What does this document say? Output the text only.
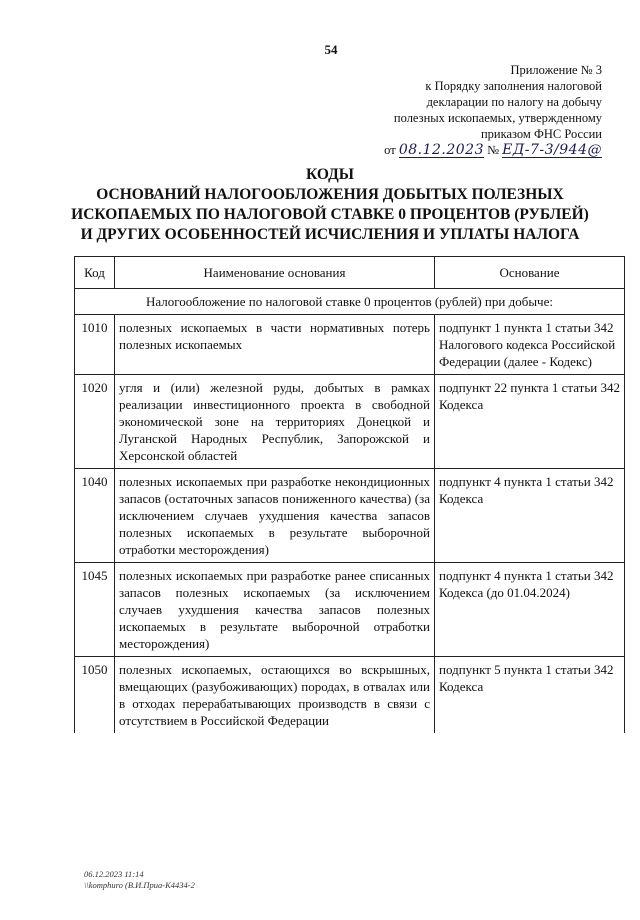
54
Приложение № 3
к Порядку заполнения налоговой
декларации по налогу на добычу
полезных ископаемых, утвержденному
приказом ФНС России
от 08.12.2023 № ЕД-7-3/944@
КОДЫ
ОСНОВАНИЙ НАЛОГООБЛОЖЕНИЯ ДОБЫТЫХ ПОЛЕЗНЫХ
ИСКОПАЕМЫХ ПО НАЛОГОВОЙ СТАВКЕ 0 ПРОЦЕНТОВ (РУБЛЕЙ)
И ДРУГИХ ОСОБЕННОСТЕЙ ИСЧИСЛЕНИЯ И УПЛАТЫ НАЛОГА
Код	Наименование основания	Основание
Налогообложение по налоговой ставке 0 процентов (рублей) при добыче:		
1010	полезных ископаемых в части нормативных потерь полезных ископаемых	подпункт 1 пункта 1 статьи 342 Налогового кодекса Российской Федерации (далее - Кодекс)
1020	угля и (или) железной руды, добытых в рамках реализации инвестиционного проекта в свободной экономической зоне на территориях Донецкой и Луганской Народных Республик, Запорожской и Херсонской областей	подпункт 22 пункта 1 статьи 342 Кодекса
1040	полезных ископаемых при разработке некондиционных запасов (остаточных запасов пониженного качества) (за исключением случаев ухудшения качества запасов полезных ископаемых в результате выборочной отработки месторождения)	подпункт 4 пункта 1 статьи 342 Кодекса
1045	полезных ископаемых при разработке ранее списанных запасов полезных ископаемых (за исключением случаев ухудшения качества запасов полезных ископаемых в результате выборочной отработки месторождения)	подпункт 4 пункта 1 статьи 342 Кодекса (до 01.04.2024)
1050	полезных ископаемых, остающихся во вскрышных, вмещающих (разубоживающих) породах, в отвалах или в отходах перерабатывающих производств в связи с отсутствием в Российской Федерации	подпункт 5 пункта 1 статьи 342 Кодекса
06.12.2023 11:14
\\komphuro (В.И.Приа-К4434-2
